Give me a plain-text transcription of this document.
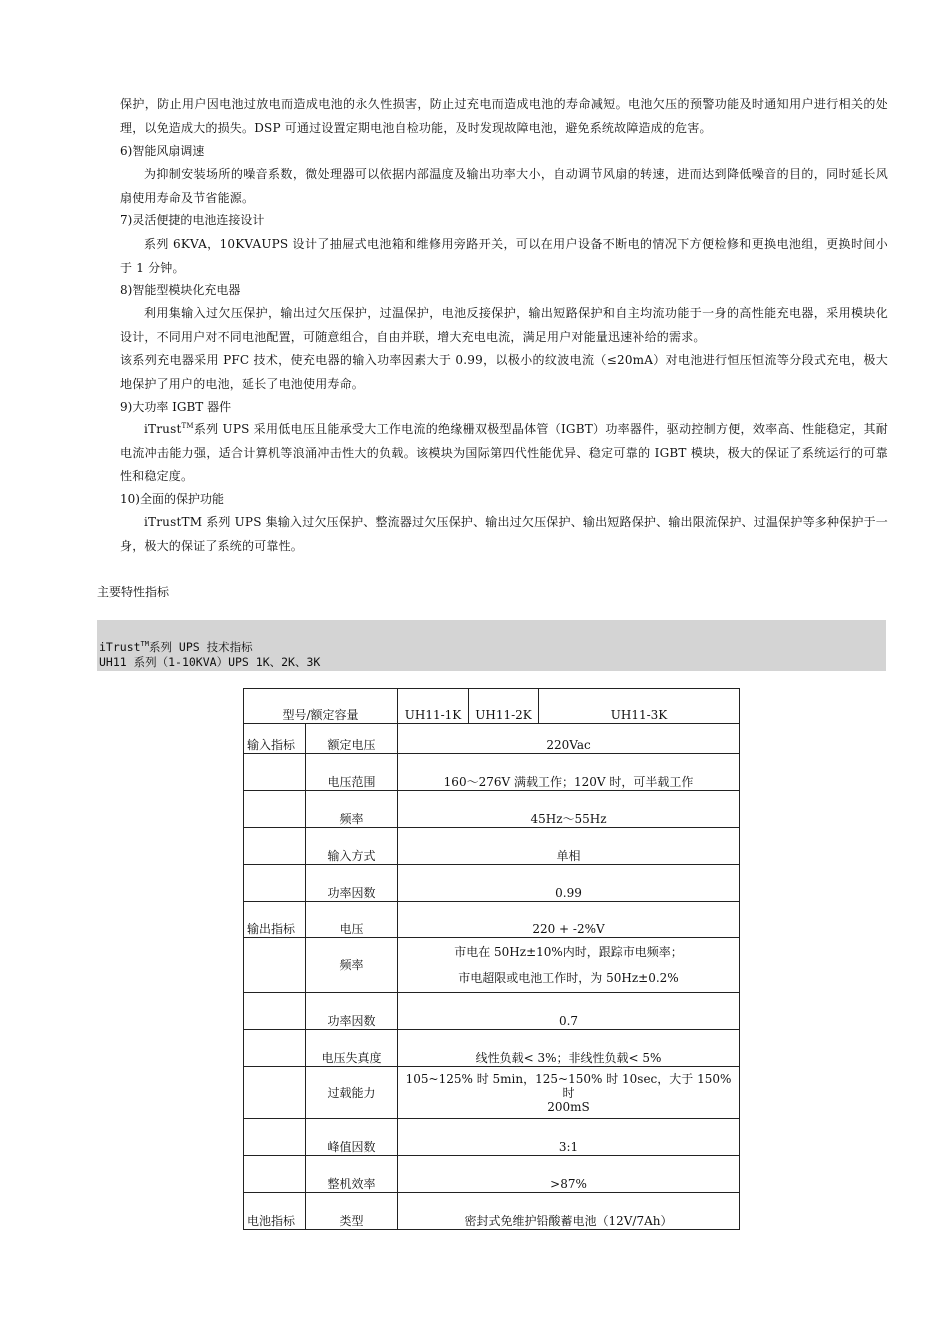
保护，防止用户因电池过放电而造成电池的永久性损害，防止过充电而造成电池的寿命减短。电池欠压的预警功能及时通知用户进行相关的处理，以免造成大的损失。DSP 可通过设置定期电池自检功能，及时发现故障电池，避免系统故障造成的危害。

6)智能风扇调速

为抑制安装场所的噪音系数，微处理器可以依据内部温度及输出功率大小，自动调节风扇的转速，进而达到降低噪音的目的，同时延长风扇使用寿命及节省能源。

7)灵活便捷的电池连接设计

系列 6KVA，10KVAUPS 设计了抽屉式电池箱和维修用旁路开关，可以在用户设备不断电的情况下方便检修和更换电池组，更换时间小于 1 分钟。

8)智能型模块化充电器

利用集输入过欠压保护，输出过欠压保护，过温保护，电池反接保护，输出短路保护和自主均流功能于一身的高性能充电器，采用模块化设计，不同用户对不同电池配置，可随意组合，自由并联，增大充电电流，满足用户对能量迅速补给的需求。

该系列充电器采用 PFC 技术，使充电器的输入功率因素大于 0.99，以极小的纹波电流（≤20mA）对电池进行恒压恒流等分段式充电，极大地保护了用户的电池，延长了电池使用寿命。

9)大功率 IGBT 器件

iTrust™系列 UPS 采用低电压且能承受大工作电流的绝缘栅双极型晶体管（IGBT）功率器件，驱动控制方便，效率高、性能稳定，其耐电流冲击能力强，适合计算机等浪涌冲击性大的负载。该模块为国际第四代性能优异、稳定可靠的 IGBT 模块，极大的保证了系统运行的可靠性和稳定度。

10)全面的保护功能

iTrustTM 系列 UPS 集输入过欠压保护、整流器过欠压保护、输出过欠压保护、输出短路保护、输出限流保护、过温保护等多种保护于一身，极大的保证了系统的可靠性。

主要特性指标

iTrust™系列 UPS 技术指标
UH11 系列（1-10KVA）UPS 1K、2K、3K
型号/额定容量		UH11-1K	UH11-2K	UH11-3K
输入指标	额定电压	220Vac		
	电压范围	160～276V 满载工作；120V 时，可半载工作		
	频率	45Hz～55Hz		
	输入方式	单相		
	功率因数	0.99		
输出指标	电压	220 + -2%V		
	频率	市电在 50Hz±10%内时，跟踪市电频率；
市电超限或电池工作时，为 50Hz±0.2%		

	功率因数	0.7		
	电压失真度	线性负载< 3%；非线性负载< 5%		
	过载能力	105~125% 时 5min，125~150% 时 10sec，大于 150%时
200mS		

	峰值因数	3:1		
	整机效率	>87%		
电池指标	类型	密封式免维护铅酸蓄电池（12V/7Ah）		
